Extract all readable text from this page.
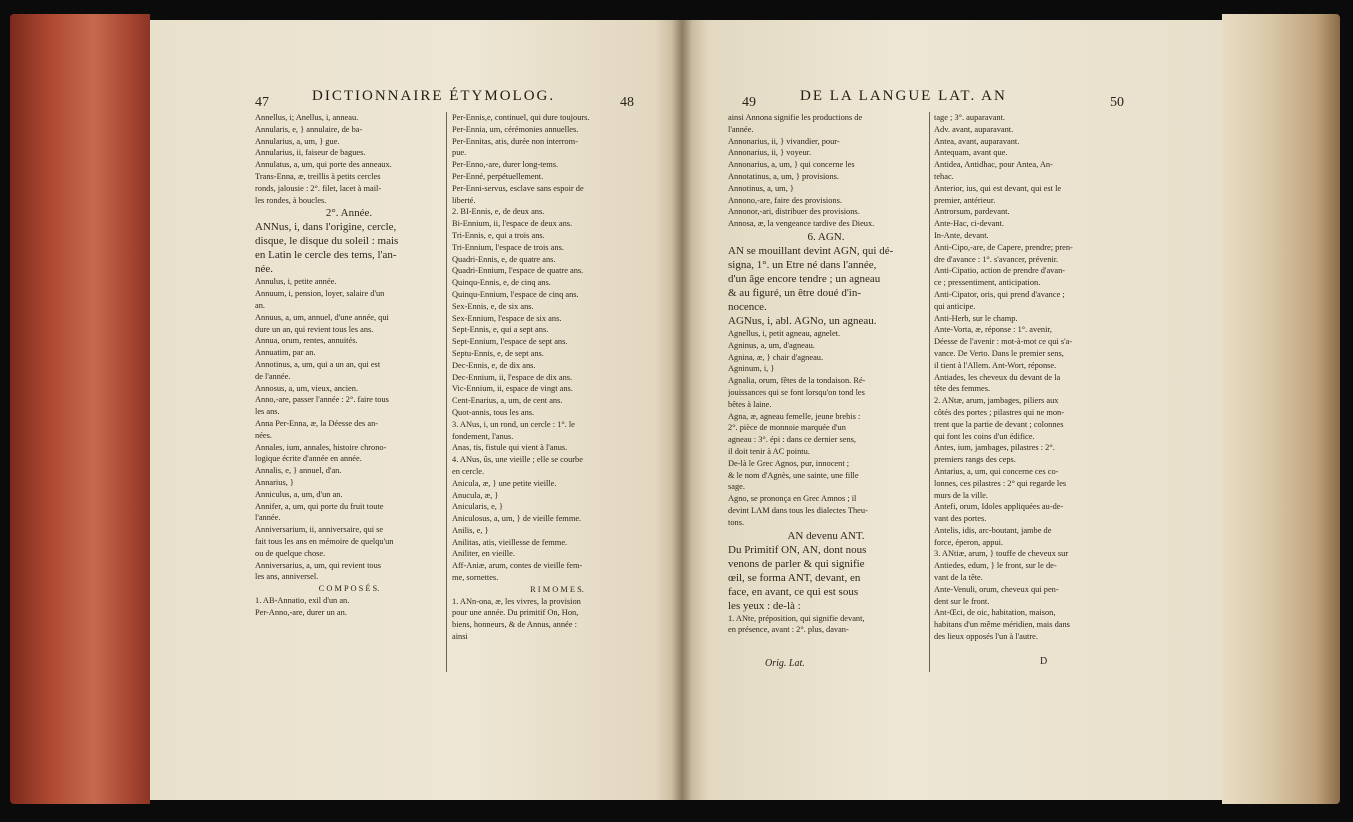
47	DICTIONNAIRE ÉTYMOLOG.	48

Annellus, i; Anellus, i, anneau.

Annularis, e, } annulaire, de ba-

Annularius, a, um, } gue.

Annularius, ii, faiseur de bagues.

Annulatus, a, um, qui porte des anneaux.

Trans-Enna, æ, treillis à petits cercles

ronds, jalousie : 2°. filet, lacet à mail-

les rondes, à boucles.

2°. Année.

ANNus, i, dans l'origine, cercle,

disque, le disque du soleil : mais

en Latin le cercle des tems, l'an-

née.

Annulus, i, petite année.

Annuum, i, pension, loyer, salaire d'un

an.

Annuus, a, um, annuel, d'une année, qui

dure un an, qui revient tous les ans.

Annua, orum, rentes, annuités.

Annuatim, par an.

Annotinus, a, um, qui a un an, qui est

de l'année.

Annosus, a, um, vieux, ancien.

Anno,-are, passer l'année : 2°. faire tous

les ans.

Anna Per-Enna, æ, la Déesse des an-

nées.

Annales, ium, annales, histoire chrono-

logique écrite d'année en année.

Annalis, e, } annuel, d'an.

Annarius, }

Anniculus, a, um, d'un an.

Annifer, a, um, qui porte du fruit toute

l'année.

Anniversarium, ii, anniversaire, qui se

fait tous les ans en mémoire de quelqu'un

ou de quelque chose.

Anniversarius, a, um, qui revient tous

les ans, anniversel.

C O M P O S É S.

1. AB-Annatio, exil d'un an.

Per-Anno,-are, durer un an.

Per-Ennis,e, continuel, qui dure toujours.

Per-Ennia, um, cérémonies annuelles.

Per-Ennitas, atis, durée non interrom-

pue.

Per-Enno,-are, durer long-tems.

Per-Enné, perpétuellement.

Per-Enni-servus, esclave sans espoir de

liberté.

2. BI-Ennis, e, de deux ans.

Bi-Ennium, ii, l'espace de deux ans.

Tri-Ennis, e, qui a trois ans.

Tri-Ennium, l'espace de trois ans.

Quadri-Ennis, e, de quatre ans.

Quadri-Ennium, l'espace de quatre ans.

Quinqu-Ennis, e, de cinq ans.

Quinqu-Ennium, l'espace de cinq ans.

Sex-Ennis, e, de six ans.

Sex-Ennium, l'espace de six ans.

Sept-Ennis, e, qui a sept ans.

Sept-Ennium, l'espace de sept ans.

Septu-Ennis, e, de sept ans.

Dec-Ennis, e, de dix ans.

Dec-Ennium, ii, l'espace de dix ans.

Vic-Ennium, ii, espace de vingt ans.

Cent-Enarius, a, um, de cent ans.

Quot-annis, tous les ans.

3. ANus, i, un rond, un cercle : 1°. le

fondement, l'anus.

Anas, tis, fistule qui vient à l'anus.

4. ANus, ûs, une vieille ; elle se courbe

en cercle.

Anicula, æ, } une petite vieille.

Anucula, æ, }

Anicularis, e, }

Aniculosus, a, um, } de vieille femme.

Anilis, e, }

Anilitas, atis, vieillesse de femme.

Aniliter, en vieille.

Aff-Aniæ, arum, contes de vieille fem-

me, sornettes.

R I M O M E S.

1. ANn-ona, æ, les vivres, la provision

pour une année. Du primitif On, Hon,

biens, honneurs, & de Annus, année :

ainsi

49	DE LA LANGUE LAT. AN	50

ainsi Annona signifie les productions de

l'année.

Annonarius, ii, } vivandier, pour-

Annonarius, ii, } voyeur.

Annonarius, a, um, } qui concerne les

Annotatinus, a, um, } provisions.

Annotinus, a, um, }

Annono,-are, faire des provisions.

Annonor,-ari, distribuer des provisions.

Annosa, æ, la vengeance tardive des Dieux.

6. AGN.

AN se mouillant devint AGN, qui dé-

signa, 1°. un Etre né dans l'année,

d'un âge encore tendre ; un agneau

& au figuré, un être doué d'in-

nocence.

AGNus, i, abl. AGNo, un agneau.

Agnellus, i, petit agneau, agnelet.

Agninus, a, um, d'agneau.

Agnina, æ, } chair d'agneau.

Agninum, i, }

Agnalia, orum, fêtes de la tondaison. Ré-

jouissances qui se font lorsqu'on tond les

bêtes à laine.

Agna, æ, agneau femelle, jeune brebis :

2°. pièce de monnoie marquée d'un

agneau : 3°. épi : dans ce dernier sens,

il doit tenir à AC pointu.

De-là le Grec Agnos, pur, innocent ;

& le nom d'Agnès, une sainte, une fille

sage.

Agno, se prononça en Grec Amnos ; il

devint LAM dans tous les dialectes Theu-

tons.

AN devenu ANT.

Du Primitif ON, AN, dont nous

venons de parler & qui signifie

œil, se forma ANT, devant, en

face, en avant, ce qui est sous

les yeux : de-là :

1. ANte, préposition, qui signifie devant,

en présence, avant : 2°. plus, davan-

tage ; 3°. auparavant.

Adv. avant, auparavant.

Antea, avant, auparavant.

Antequam, avant que.

Antidea, Antidhac, pour Antea, An-

tehac.

Anterior, ius, qui est devant, qui est le

premier, antérieur.

Antrorsum, pardevant.

Ante-Hac, ci-devant.

In-Ante, devant.

Anti-Cipo,-are, de Capere, prendre; pren-

dre d'avance : 1°. s'avancer, prévenir.

Anti-Cipatio, action de prendre d'avan-

ce ; pressentiment, anticipation.

Anti-Cipator, oris, qui prend d'avance ;

qui anticipe.

Anti-Herb, sur le champ.

Ante-Vorta, æ, réponse : 1°. avenir,

Déesse de l'avenir : mot-à-mot ce qui s'a-

vance. De Verto. Dans le premier sens,

il tient à l'Allem. Ant-Wort, réponse.

Antiades, les cheveux du devant de la

tête des femmes.

2. ANtæ, arum, jambages, piliers aux

côtés des portes ; pilastres qui ne mon-

trent que la partie de devant ; colonnes

qui font les coins d'un édifice.

Antes, ium, jambages, pilastres : 2°.

premiers rangs des ceps.

Antarius, a, um, qui concerne ces co-

lonnes, ces pilastres : 2° qui regarde les

murs de la ville.

Antefi, orum, Idoles appliquées au-de-

vant des portes.

Antelis, idis, arc-boutant, jambe de

force, éperon, appui.

3. ANtiæ, arum, } touffe de cheveux sur

Antiedes, edum, } le front, sur le de-

vant de la tête.

Ante-Venuli, orum, cheveux qui pen-

dent sur le front.

Ant-Œci, de oic, habitation, maison,

habitans d'un même méridien, mais dans

des lieux opposés l'un à l'autre.

Orig. Lat.	D
